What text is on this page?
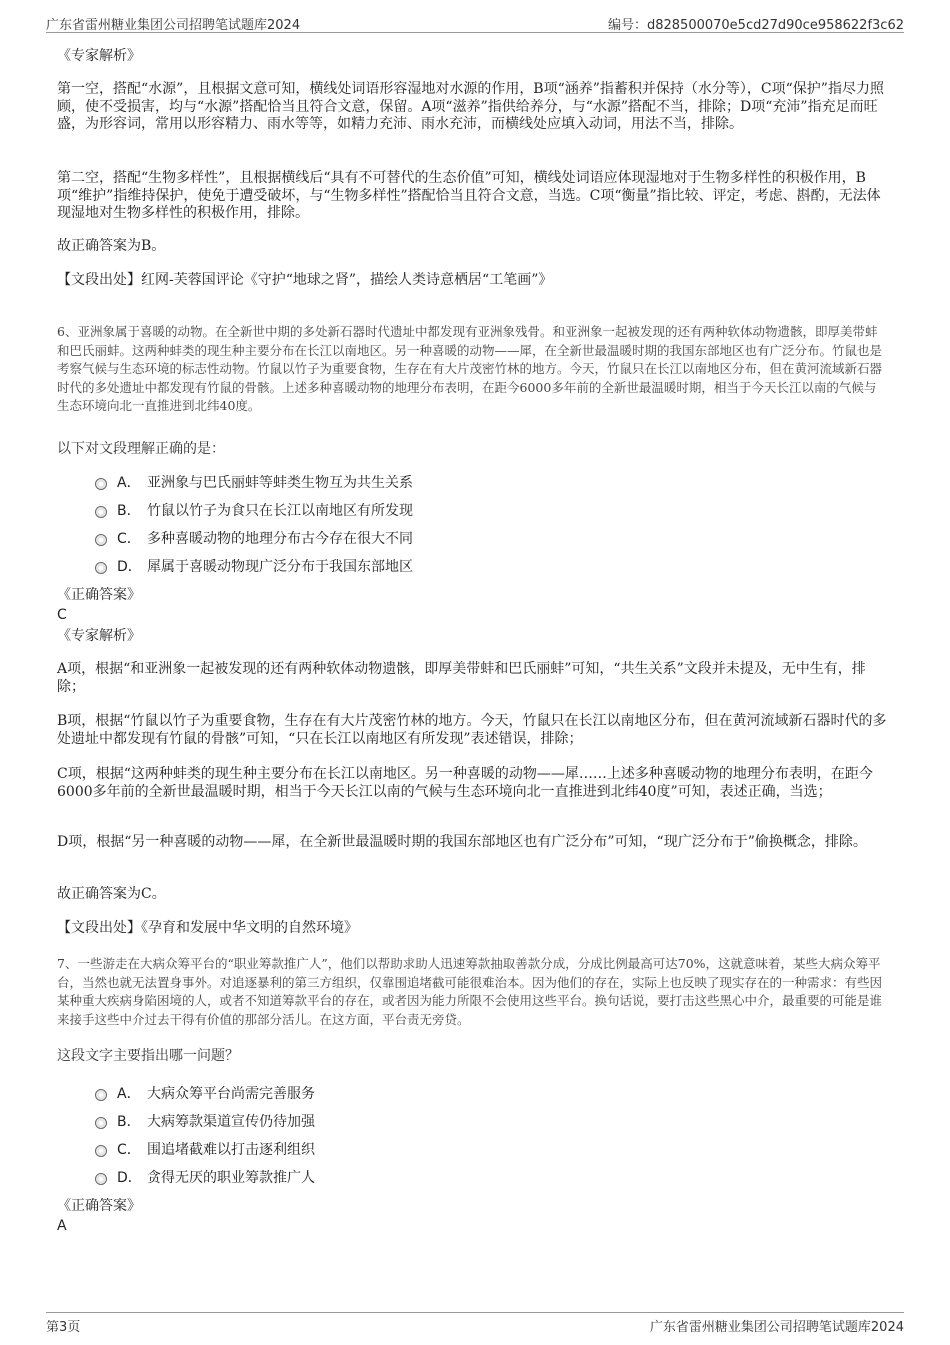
广东省雷州糖业集团公司招聘笔试题库2024	编号：d828500070e5cd27d90ce958622f3c62
《专家解析》
第一空，搭配“水源”，且根据文意可知，横线处词语形容湿地对水源的作用，B项“涵养”指蓄积并保持（水分等），C项“保护”指尽力照顾，使不受损害，均与“水源”搭配恰当且符合文意，保留。A项“滋养”指供给养分，与“水源”搭配不当，排除；D项“充沛”指充足而旺盛，为形容词，常用以形容精力、雨水等等，如精力充沛、雨水充沛，而横线处应填入动词，用法不当，排除。
第二空，搭配“生物多样性”，且根据横线后“具有不可替代的生态价值”可知，横线处词语应体现湿地对于生物多样性的积极作用，B项“维护”指维持保护，使免于遭受破坏，与“生物多样性”搭配恰当且符合文意，当选。C项“衡量”指比较、评定，考虑、斟酌，无法体现湿地对生物多样性的积极作用，排除。
故正确答案为B。
【文段出处】红网-芙蓉国评论《守护“地球之肾”，描绘人类诗意栖居“工笔画”》
6、亚洲象属于喜暖的动物。在全新世中期的多处新石器时代遗址中都发现有亚洲象残骨。和亚洲象一起被发现的还有两种软体动物遗骸，即厚美带蚌和巴氏丽蚌。这两种蚌类的现生种主要分布在长江以南地区。另一种喜暖的动物——犀，在全新世最温暖时期的我国东部地区也有广泛分布。竹鼠也是考察气候与生态环境的标志性动物。竹鼠以竹子为重要食物，生存在有大片茂密竹林的地方。今天，竹鼠只在长江以南地区分布，但在黄河流域新石器时代的多处遗址中都发现有竹鼠的骨骸。上述多种喜暖动物的地理分布表明，在距今6000多年前的全新世最温暖时期，相当于今天长江以南的气候与生态环境向北一直推进到北纬40度。
以下对文段理解正确的是：
A． 亚洲象与巴氏丽蚌等蚌类生物互为共生关系
B． 竹鼠以竹子为食只在长江以南地区有所发现
C． 多种喜暖动物的地理分布古今存在很大不同
D． 犀属于喜暖动物现广泛分布于我国东部地区
《正确答案》
C
《专家解析》
A项，根据“和亚洲象一起被发现的还有两种软体动物遗骸，即厚美带蚌和巴氏丽蚌”可知，“共生关系”文段并未提及，无中生有，排除；
B项，根据“竹鼠以竹子为重要食物，生存在有大片茂密竹林的地方。今天，竹鼠只在长江以南地区分布，但在黄河流域新石器时代的多处遗址中都发现有竹鼠的骨骸”可知，“只在长江以南地区有所发现”表述错误，排除；
C项，根据“这两种蚌类的现生种主要分布在长江以南地区。另一种喜暖的动物——犀……上述多种喜暖动物的地理分布表明，在距今6000多年前的全新世最温暖时期，相当于今天长江以南的气候与生态环境向北一直推进到北纬40度”可知，表述正确，当选；
D项，根据“另一种喜暖的动物——犀，在全新世最温暖时期的我国东部地区也有广泛分布”可知，“现广泛分布于”偷换概念，排除。
故正确答案为C。
【文段出处】《孕育和发展中华文明的自然环境》
7、一些游走在大病众筹平台的“职业筹款推广人”，他们以帮助求助人迅速筹款抽取善款分成，分成比例最高可达70%，这就意味着，某些大病众筹平台，当然也就无法置身事外。对追逐暴利的第三方组织，仅靠围追堵截可能很难治本。因为他们的存在，实际上也反映了现实存在的一种需求：有些因某种重大疾病身陷困境的人，或者不知道筹款平台的存在，或者因为能力所限不会使用这些平台。换句话说，要打击这些黑心中介，最重要的可能是谁来接手这些中介过去干得有价值的那部分活儿。在这方面，平台责无旁贷。
这段文字主要指出哪一问题？
A． 大病众筹平台尚需完善服务
B． 大病筹款渠道宣传仍待加强
C． 围追堵截难以打击逐利组织
D． 贪得无厌的职业筹款推广人
《正确答案》
A
第3页	广东省雷州糖业集团公司招聘笔试题库2024
